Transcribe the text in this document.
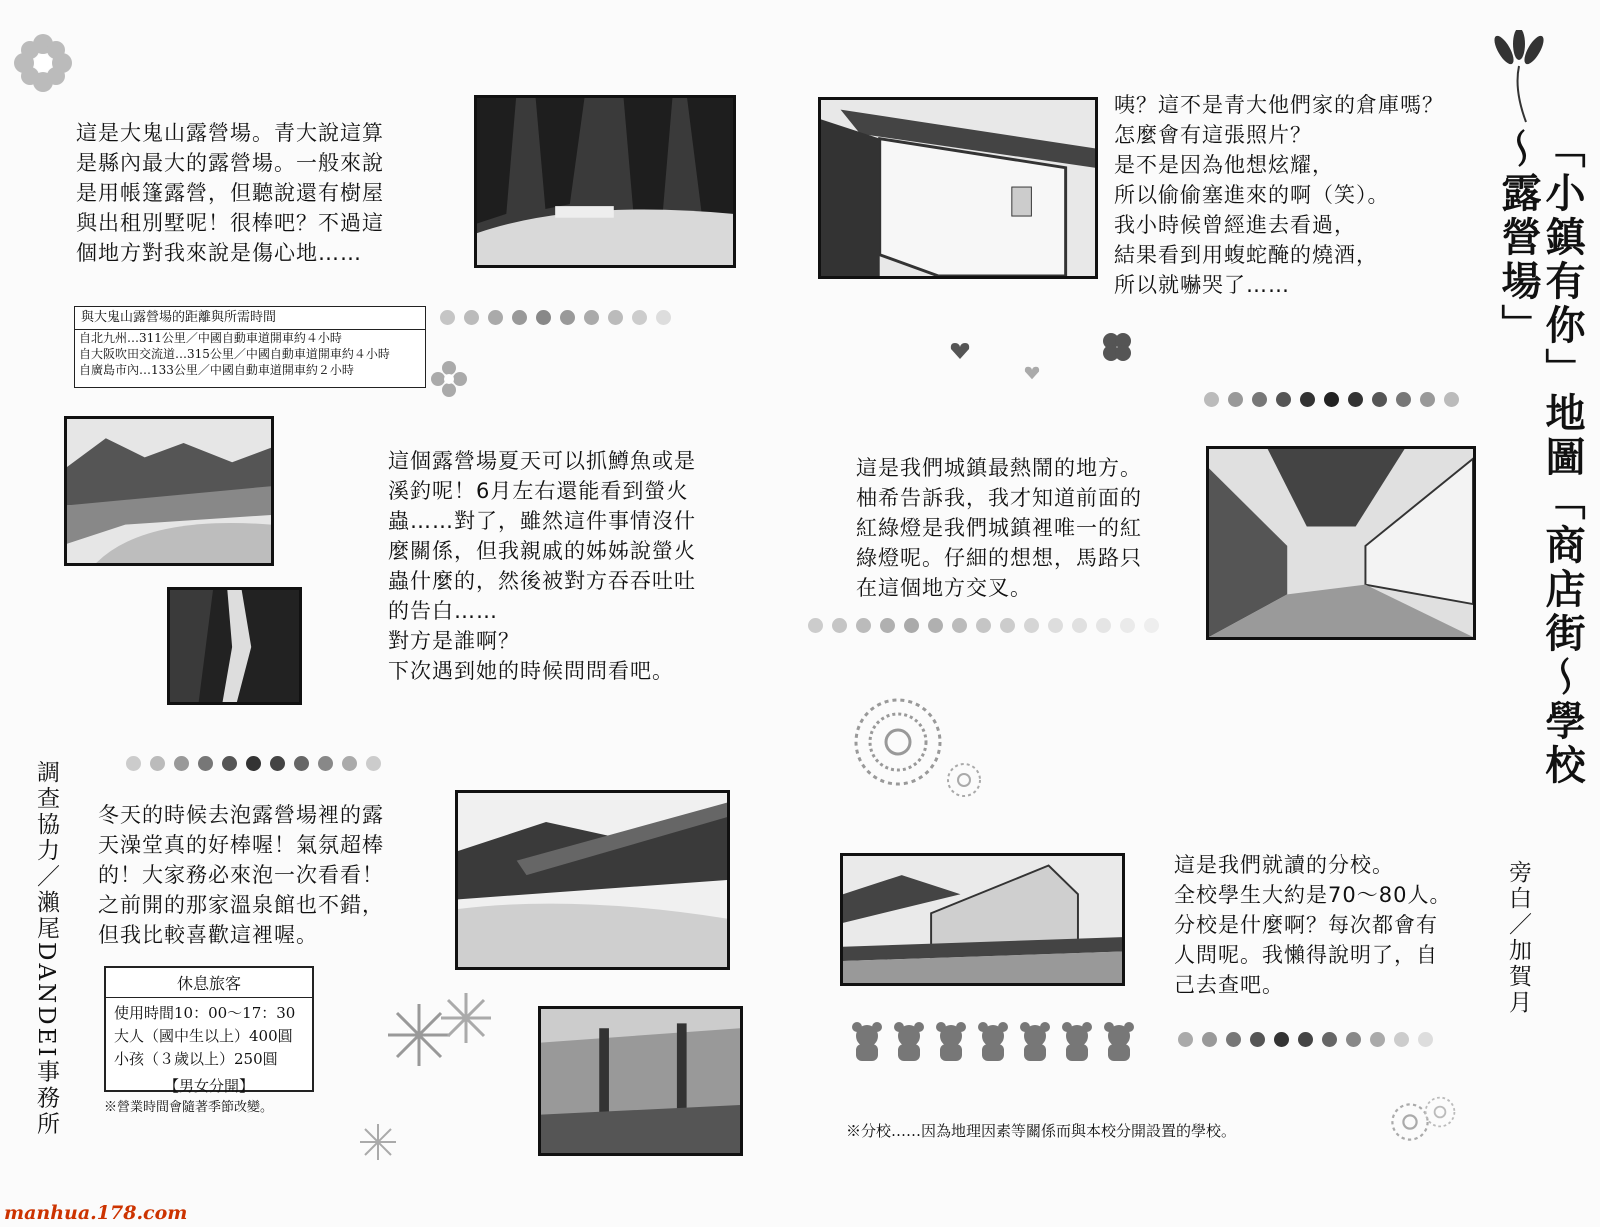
這是大鬼山露營場。青大說這算
是縣內最大的露營場。一般來說
是用帳篷露營，但聽說還有樹屋
與出租別墅呢！很棒吧？不過這
個地方對我來說是傷心地……
與大鬼山露營場的距離與所需時間
自北九州…311公里／中國自動車道開車約４小時
自大阪吹田交流道…315公里／中國自動車道開車約４小時
自廣島市內…133公里／中國自動車道開車約２小時
這個露營場夏天可以抓鱒魚或是
溪釣呢！6月左右還能看到螢火
蟲……對了，雖然這件事情沒什
麼關係，但我親戚的姊姊說螢火
蟲什麼的，然後被對方吞吞吐吐
的告白……
對方是誰啊？
下次遇到她的時候問問看吧。
冬天的時候去泡露營場裡的露
天澡堂真的好棒喔！氣氛超棒
的！大家務必來泡一次看看！
之前開的那家溫泉館也不錯，
但我比較喜歡這裡喔。
休息旅客
使用時間10：00～17：30
大人（國中生以上）400圓
小孩（３歲以上）250圓
【男女分開】
※營業時間會隨著季節改變。
調查協力／瀨尾DANDEI事務所
manhua.178.com
咦？這不是青大他們家的倉庫嗎？
怎麼會有這張照片？
是不是因為他想炫耀，
所以偷偷塞進來的啊（笑）。
我小時候曾經進去看過，
結果看到用蝮蛇醃的燒酒，
所以就嚇哭了……
這是我們城鎮最熱鬧的地方。
柚希告訴我，我才知道前面的
紅綠燈是我們城鎮裡唯一的紅
綠燈呢。仔細的想想，馬路只
在這個地方交叉。
這是我們就讀的分校。
全校學生大約是70～80人。
分校是什麼啊？每次都會有
人問呢。我懶得說明了，自
己去查吧。
※分校……因為地理因素等關係而與本校分開設置的學校。
「小鎮有你」地圖「商店街～學校～露營場」
旁白／加賀月
